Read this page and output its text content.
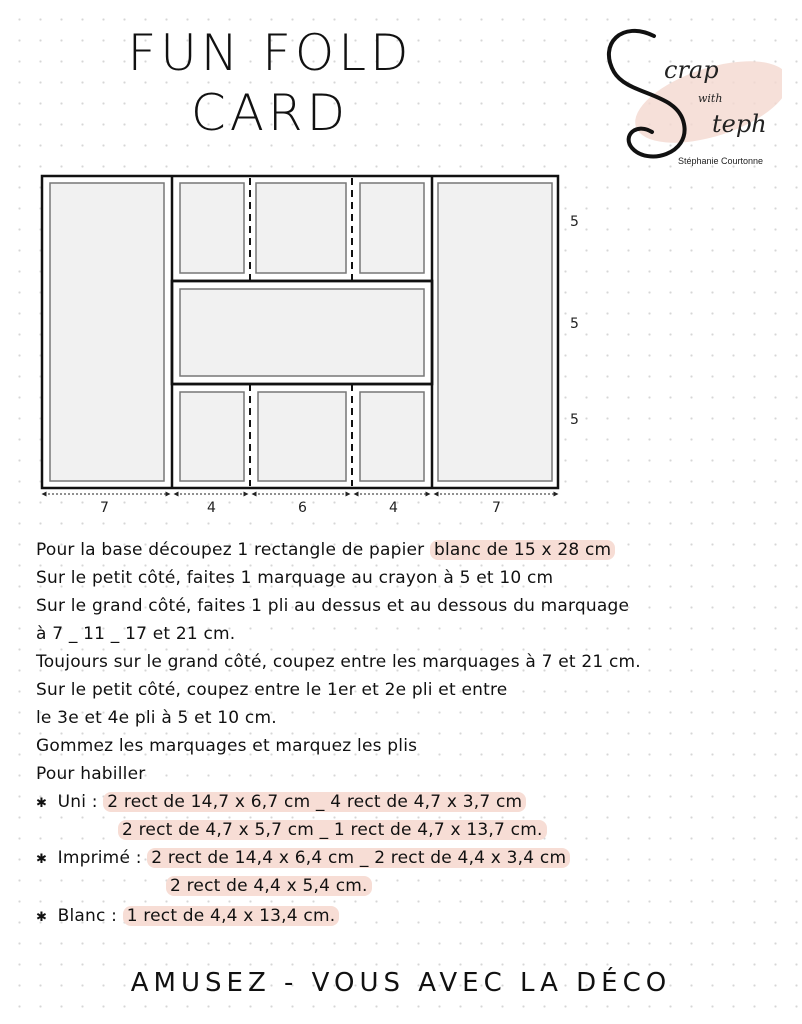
FUN FOLD
CARD
crap
with
teph
Stéphanie Courtonne
5
5
5
7	4	6	4	7
Pour la base découpez 1 rectangle de papier blanc de 15 x 28 cm
Sur le petit côté, faites 1 marquage au crayon à 5 et 10 cm
Sur le grand côté, faites 1 pli au dessus et au dessous du marquage
à 7 _ 11 _ 17 et 21 cm.
Toujours sur le grand côté, coupez entre les marquages à 7 et 21 cm.
Sur le petit côté, coupez entre le 1er et 2e pli et entre
le 3e et 4e pli à 5 et 10 cm.
Gommez les marquages et marquez les plis
Pour habiller
✱ Uni : 2 rect de 14,7 x 6,7 cm _ 4 rect de 4,7 x 3,7 cm
2 rect de 4,7 x 5,7 cm _ 1 rect de 4,7 x 13,7 cm.
✱ Imprimé : 2 rect de 14,4 x 6,4 cm _ 2 rect de 4,4 x 3,4 cm
2 rect de 4,4 x 5,4 cm.
✱ Blanc : 1 rect de 4,4 x 13,4 cm.
AMUSEZ - VOUS AVEC LA DÉCO
